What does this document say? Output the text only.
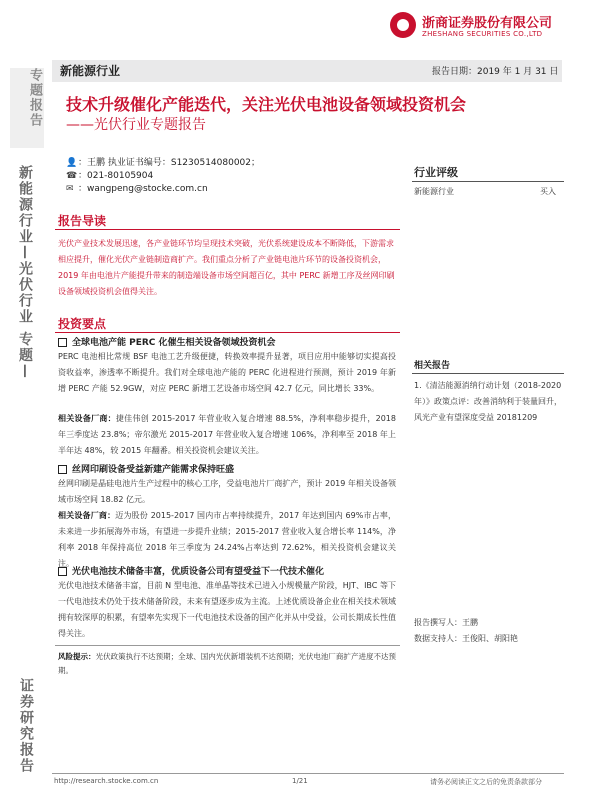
浙商证券股份有限公司
ZHESHANG SECURITIES CO.,LTD
新能源行业	报告日期：2019 年 1 月 31 日
专题报告
新能源行业—光伏行业 专题—
证券研究报告
技术升级催化产能迭代，关注光伏电池设备领域投资机会
——光伏行业专题报告
👤：王鹏 执业证书编号：S1230514080002；
☎：021-80105904
✉ ：wangpeng@stocke.com.cn
报告导读
光伏产业技术发展迅速，各产业链环节均呈现技术突破，光伏系统建设成本不断降低，下游需求相应提升，催化光伏产业链制造商扩产。我们重点分析了产业链电池片环节的设备投资机会，2019 年由电池片产能提升带来的制造端设备市场空间超百亿，其中 PERC 新增工序及丝网印刷设备领域投资机会值得关注。
投资要点
全球电池产能 PERC 化催生相关设备领域投资机会
PERC 电池相比常规 BSF 电池工艺升级便捷，转换效率提升显著，项目应用中能够切实提高投资收益率，渗透率不断提升。我们对全球电池产能的 PERC 化进程进行预测，预计 2019 年新增 PERC 产能 52.9GW，对应 PERC 新增工艺设备市场空间 42.7 亿元，同比增长 33%。
相关设备厂商：捷佳伟创 2015-2017 年营业收入复合增速 88.5%，净利率稳步提升，2018 年三季度达 23.8%；帝尔激光 2015-2017 年营业收入复合增速 106%，净利率至 2018 年上半年达 48%，较 2015 年翻番。相关投资机会建议关注。
丝网印刷设备受益新建产能需求保持旺盛
丝网印刷是晶硅电池片生产过程中的核心工序，受益电池片厂商扩产，预计 2019 年相关设备领域市场空间 18.82 亿元。
相关设备厂商：迈为股份 2015-2017 国内市占率持续提升，2017 年达到国内 69%市占率，未来进一步拓展海外市场，有望进一步提升业绩；2015-2017 营业收入复合增长率 114%，净利率 2018 年保持高位 2018 年三季度为 24.24%占率达到 72.62%，相关投资机会建议关注。
光伏电池技术储备丰富，优质设备公司有望受益下一代技术催化
光伏电池技术储备丰富，目前 N 型电池、准单晶等技术已进入小规模量产阶段，HJT、IBC 等下一代电池技术仍处于技术储备阶段，未来有望逐步成为主流。上述优质设备企业在相关技术领域拥有较深厚的积累，有望率先实现下一代电池技术设备的国产化并从中受益，公司长期成长性值得关注。
风险提示：光伏政策执行不达预期；全球、国内光伏新增装机不达预期；光伏电池厂商扩产进度不达预期。
行业评级
新能源行业	买入
相关报告
1.《清洁能源消纳行动计划（2018-2020 年）》政策点评：改善消纳利于装量回升，风光产业有望深度受益 20181209
报告撰写人：王鹏
数据支持人：王俊阳、胡阳艳
http://research.stocke.com.cn	1/21	请务必阅读正文之后的免责条款部分
